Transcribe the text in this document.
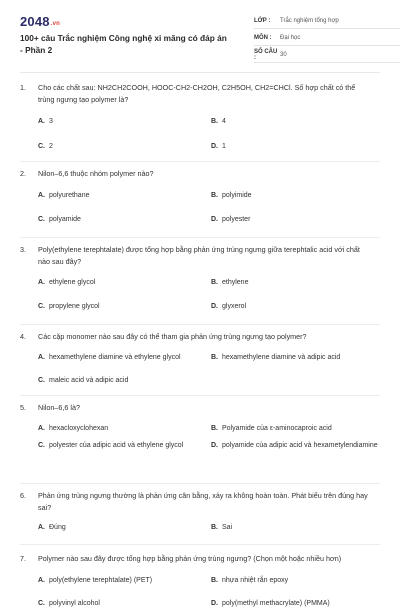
2048.vn
100+ câu Trắc nghiệm Công nghệ xi măng có đáp án - Phần 2
LỚP :	Trắc nghiệm tổng hợp
MÔN :	Đại học
SỐ CÂU :	30
1.	Cho các chất sau: NH2CH2COOH, HOOC-CH2-CH2OH, C2H5OH, CH2=CHCl. Số hợp chất có thể trùng ngưng tạo polymer là?
A. 3	B. 4
C. 2	D. 1
2.	Nilon–6,6 thuộc nhóm polymer nào?
A. polyurethane	B. polyimide
C. polyamide	D. polyester
3.	Poly(ethylene terephtalate) được tổng hợp bằng phản ứng trùng ngưng giữa terephtalic acid với chất nào sau đây?
A. ethylene glycol	B. ethylene
C. propylene glycol	D. glyxerol
4.	Các cặp monomer nào sau đây có thể tham gia phản ứng trùng ngưng tạo polymer?
A. hexamethylene diamine và ethylene glycol	B. hexamethylene diamine và adipic acid
C. maleic acid và adipic acid
5.	Nilon–6,6 là?
A. hexacloxyclohexan	B. Polyamide của ε-aminocaproic acid
C. polyester của adipic acid và ethylene glycol	D. polyamide của adipic acid và hexametylendiamine
6.	Phản ứng trùng ngưng thường là phản ứng cân bằng, xảy ra không hoàn toàn. Phát biểu trên đúng hay sai?
A. Đúng	B. Sai
7.	Polymer nào sau đây được tổng hợp bằng phản ứng trùng ngưng? (Chọn một hoặc nhiều hơn)
A. poly(ethylene terephtalate) (PET)	B. nhựa nhiệt rắn epoxy
C. polyvinyl alcohol	D. poly(methyl methacrylate) (PMMA)
